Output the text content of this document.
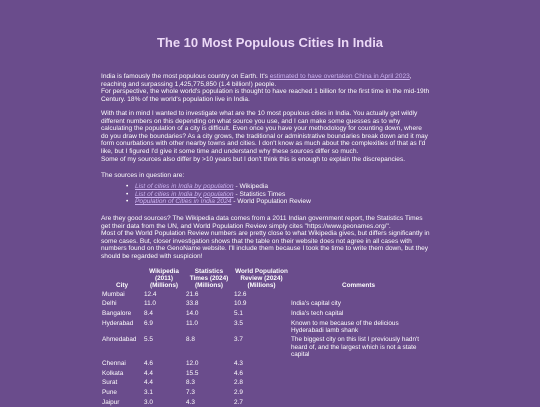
The 10 Most Populous Cities In India

India is famously the most populous country on Earth. It's estimated to have overtaken China in April 2023, reaching and surpassing 1,425,775,850 (1.4 billion!) people.

For perspective, the whole world's population is thought to have reached 1 billion for the first time in the mid-19th Century. 18% of the world's population live in India.

With that in mind I wanted to investigate what are the 10 most populous cities in India. You actually get wildly different numbers on this depending on what source you use, and I can make some guesses as to why calculating the population of a city is difficult. Even once you have your methodology for counting down, where do you draw the boundaries? As a city grows, the traditional or administrative boundaries break down and it may form conurbations with other nearby towns and cities. I don't know as much about the complexities of that as I'd like, but I figured I'd give it some time and understand why these sources differ so much.

Some of my sources also differ by >10 years but I don't think this is enough to explain the discrepancies.

The sources in question are:

• List of cities in India by population - Wikipedia
• List of cities in India by population - Statistics Times
• Population of Cities in India 2024 - World Population Review

Are they good sources? The Wikipedia data comes from a 2011 Indian government report, the Statistics Times get their data from the UN, and World Population Review simply cites "https://www.geonames.org/".

Most of the World Population Review numbers are pretty close to what Wikipedia gives, but differs significantly in some cases. But, closer investigation shows that the table on their website does not agree in all cases with numbers found on the GenoName website. I'll include them because I took the time to write them down, but they should be regarded with suspicion!

City	Wikipedia (2011) (Millions)	Statistics Times (2024) (Millions)	World Population Review (2024) (Millions)	Comments
Mumbai	12.4	21.6	12.6	
Delhi	11.0	33.8	10.9	India's capital city
Bangalore	8.4	14.0	5.1	India's tech capital
Hyderabad	6.9	11.0	3.5	Known to me because of the delicious Hyderabadi lamb shank
Ahmedabad	5.5	8.8	3.7	The biggest city on this list I previously hadn't heard of, and the largest which is not a state capital
Chennai	4.6	12.0	4.3	
Kolkata	4.4	15.5	4.6	
Surat	4.4	8.3	2.8	
Pune	3.1	7.3	2.9	
Jaipur	3.0	4.3	2.7	
